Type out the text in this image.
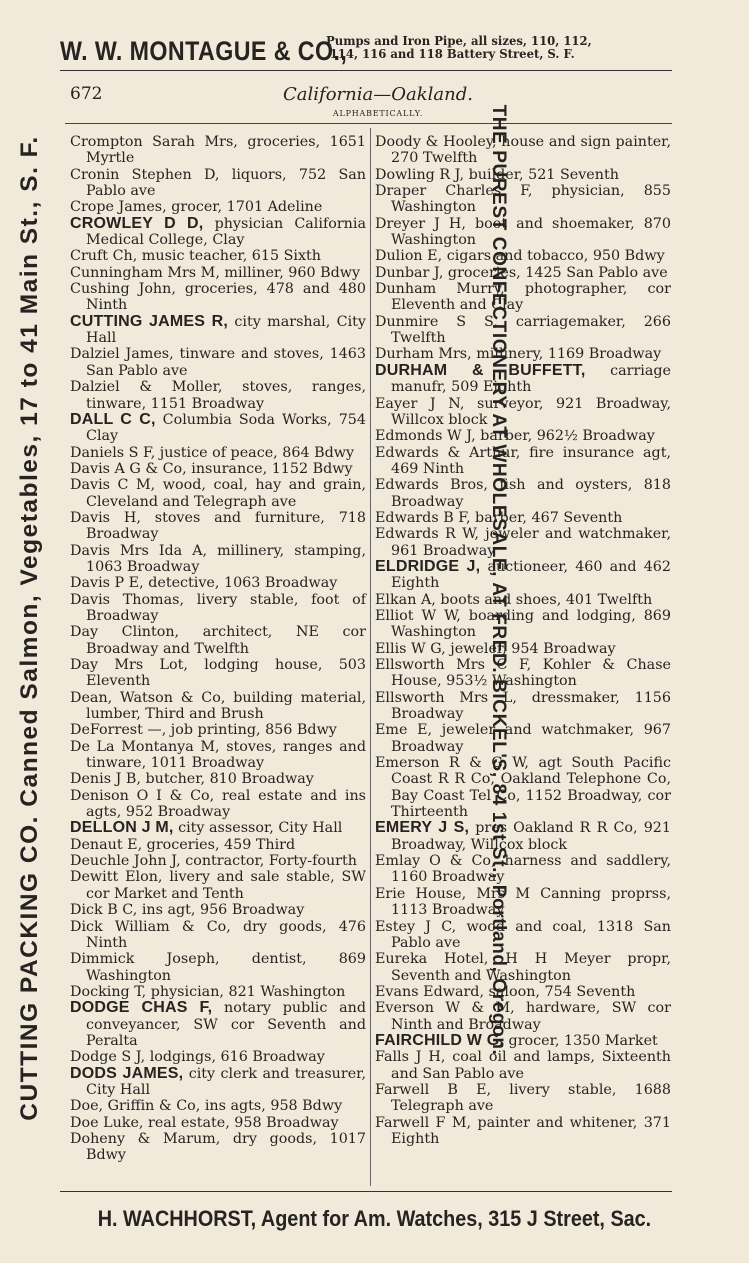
W. W. MONTAGUE & CO.,
Pumps and Iron Pipe, all sizes, 110, 112,
114, 116 and 118 Battery Street, S. F.
672	California—Oakland.
ALPHABETICALLY.
Crompton Sarah Mrs, groceries, 1651 Myrtle
Cronin Stephen D, liquors, 752 San Pablo ave
Crope James, grocer, 1701 Adeline
CROWLEY D D, physician California Medical College, Clay
Cruft Ch, music teacher, 615 Sixth
Cunningham Mrs M, milliner, 960 Bdwy
Cushing John, groceries, 478 and 480 Ninth
CUTTING JAMES R, city marshal, City Hall
Dalziel James, tinware and stoves, 1463 San Pablo ave
Dalziel & Moller, stoves, ranges, tinware, 1151 Broadway
DALL C C, Columbia Soda Works, 754 Clay
Daniels S F, justice of peace, 864 Bdwy
Davis A G & Co, insurance, 1152 Bdwy
Davis C M, wood, coal, hay and grain, Cleveland and Telegraph ave
Davis H, stoves and furniture, 718 Broadway
Davis Mrs Ida A, millinery, stamping, 1063 Broadway
Davis P E, detective, 1063 Broadway
Davis Thomas, livery stable, foot of Broadway
Day Clinton, architect, NE cor Broadway and Twelfth
Day Mrs Lot, lodging house, 503 Eleventh
Dean, Watson & Co, building material, lumber, Third and Brush
DeForrest —, job printing, 856 Bdwy
De La Montanya M, stoves, ranges and tinware, 1011 Broadway
Denis J B, butcher, 810 Broadway
Denison O I & Co, real estate and ins agts, 952 Broadway
DELLON J M, city assessor, City Hall
Denaut E, groceries, 459 Third
Deuchle John J, contractor, Forty-fourth
Dewitt Elon, livery and sale stable, SW cor Market and Tenth
Dick B C, ins agt, 956 Broadway
Dick William & Co, dry goods, 476 Ninth
Dimmick Joseph, dentist, 869 Washington
Docking T, physician, 821 Washington
DODGE CHAS F, notary public and conveyancer, SW cor Seventh and Peralta
Dodge S J, lodgings, 616 Broadway
DODS JAMES, city clerk and treasurer, City Hall
Doe, Griffin & Co, ins agts, 958 Bdwy
Doe Luke, real estate, 958 Broadway
Doheny & Marum, dry goods, 1017 Bdwy
Doody & Hooley, house and sign painter, 270 Twelfth
Dowling R J, builder, 521 Seventh
Draper Charles F, physician, 855 Washington
Dreyer J H, boot and shoemaker, 870 Washington
Dulion E, cigars and tobacco, 950 Bdwy
Dunbar J, groceries, 1425 San Pablo ave
Dunham Murry, photographer, cor Eleventh and Clay
Dunmire S S, carriagemaker, 266 Twelfth
Durham Mrs, millinery, 1169 Broadway
DURHAM & BUFFETT, carriage manufr, 509 Eighth
Eayer J N, surveyor, 921 Broadway, Willcox block
Edmonds W J, barber, 962½ Broadway
Edwards & Arthur, fire insurance agt, 469 Ninth
Edwards Bros, fish and oysters, 818 Broadway
Edwards B F, barber, 467 Seventh
Edwards R W, jeweler and watchmaker, 961 Broadway
ELDRIDGE J, auctioneer, 460 and 462 Eighth
Elkan A, boots and shoes, 401 Twelfth
Elliot W W, boarding and lodging, 869 Washington
Ellis W G, jeweler, 954 Broadway
Ellsworth Mrs C F, Kohler & Chase House, 953½ Washington
Ellsworth Mrs L, dressmaker, 1156 Broadway
Eme E, jeweler and watchmaker, 967 Broadway
Emerson R & G W, agt South Pacific Coast R R Co, Oakland Telephone Co, Bay Coast Tel Co, 1152 Broadway, cor Thirteenth
EMERY J S, pres Oakland R R Co, 921 Broadway, Willcox block
Emlay O & Co, harness and saddlery, 1160 Broadway
Erie House, Mrs M Canning proprss, 1113 Broadway
Estey J C, wood and coal, 1318 San Pablo ave
Eureka Hotel, H H Meyer propr, Seventh and Washington
Evans Edward, saloon, 754 Seventh
Everson W & M, hardware, SW cor Ninth and Broadway
FAIRCHILD W G, grocer, 1350 Market
Falls J H, coal oil and lamps, Sixteenth and San Pablo ave
Farwell B E, livery stable, 1688 Telegraph ave
Farwell F M, painter and whitener, 371 Eighth
CUTTING PACKING CO. Canned Salmon, Vegetables, 17 to 41 Main St., S. F.	THE PUREST CONFECTIONERY AT WHOLESALE, AT FRED. BICKEL'S, 84 1st St., Portland, Oregon.
H. WACHHORST, Agent for Am. Watches, 315 J Street, Sac.
